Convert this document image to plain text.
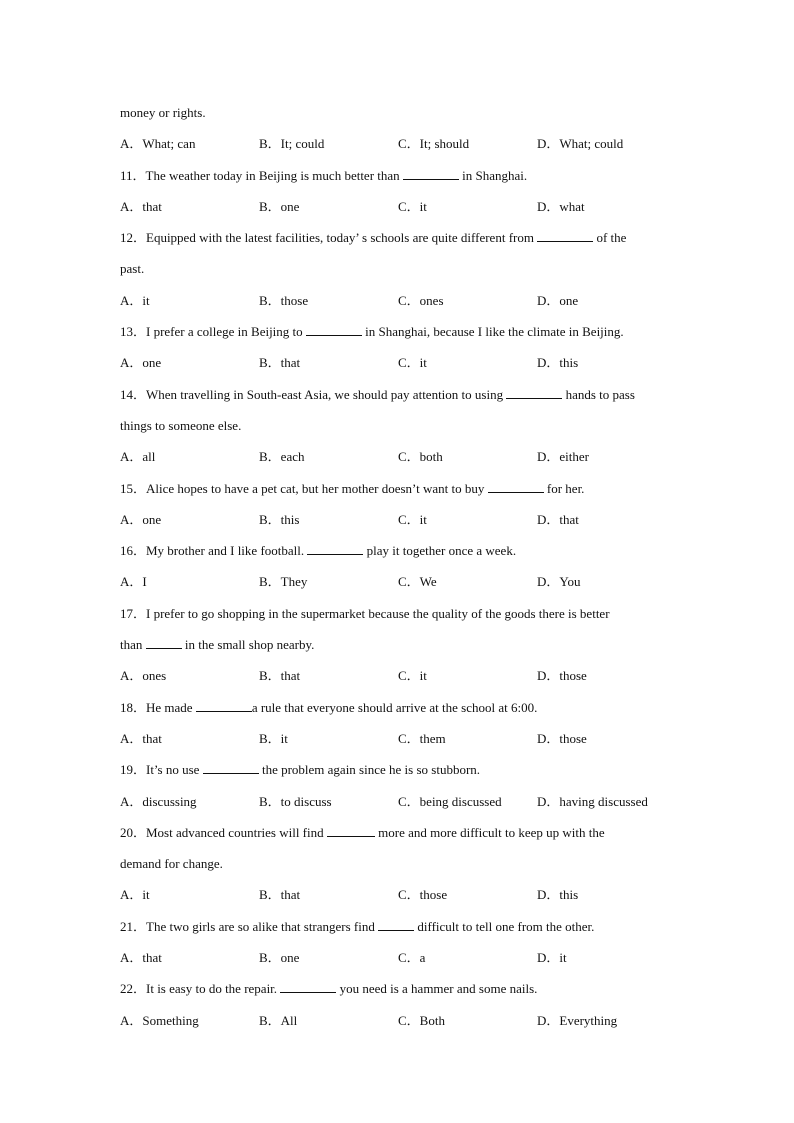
money or rights.
A．What; can	B．It; could	C．It; should	D．What; could
11．The weather today in Beijing is much better than	in Shanghai.
A．that	B．one	C．it	D．what
12．Equipped with the latest facilities, today’ s schools are quite different from	of the
past.
A．it	B．those	C．ones	D．one
13．I prefer a college in Beijing to	in Shanghai, because I like the climate in Beijing.
A．one	B．that	C．it	D．this
14．When travelling in South-east Asia, we should pay attention to using	hands to pass
things to someone else.
A．all	B．each	C．both	D．either
15．Alice hopes to have a pet cat, but her mother doesn’t want to buy	for her.
A．one	B．this	C．it	D．that
16．My brother and I like football.	play it together once a week.
A．I	B．They	C．We	D．You
17．I prefer to go shopping in the supermarket because the quality of the goods there is better
than	in the small shop nearby.
A．ones	B．that	C．it	D．those
18．He made	a rule that everyone should arrive at the school at 6:00.
A．that	B．it	C．them	D．those
19．It’s no use	the problem again since he is so stubborn.
A．discussing	B．to discuss	C．being discussed	D．having discussed
20．Most advanced countries will find	more and more difficult to keep up with the
demand for change.
A．it	B．that	C．those	D．this
21．The two girls are so alike that strangers find	difficult to tell one from the other.
A．that	B．one	C．a	D．it
22．It is easy to do the repair.	you need is a hammer and some nails.
A．Something	B．All	C．Both	D．Everything
